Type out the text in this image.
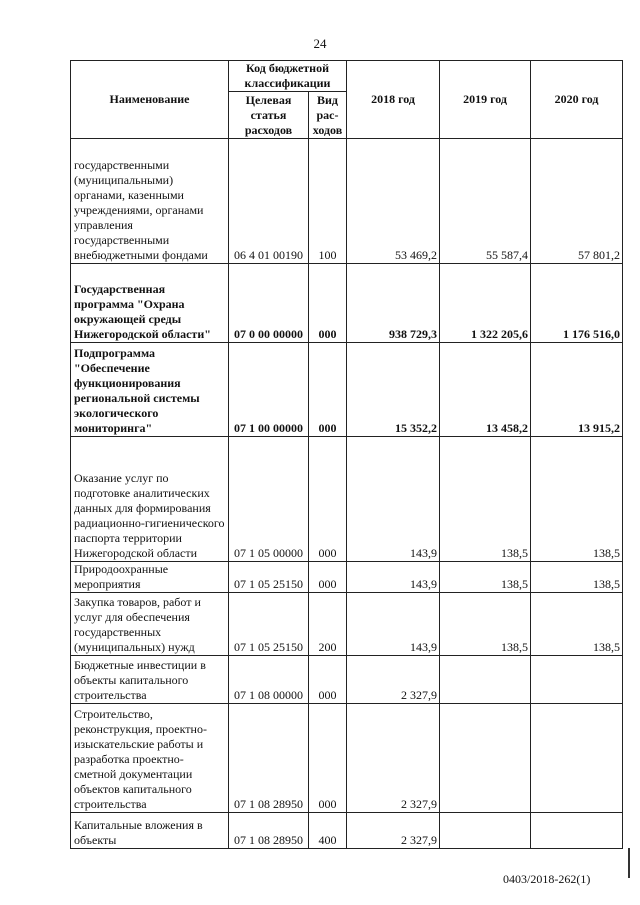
24
Наименование	Код бюджетной классификации		2018 год	2019 год	2020 год
	Целевая статья расходов	Вид рас-ходов			
государственными (муниципальными) органами, казенными учреждениями, органами управления государственными внебюджетными фондами	06 4 01 00190	100	53 469,2	55 587,4	57 801,2
Государственная программа "Охрана окружающей среды Нижегородской области"	07 0 00 00000	000	938 729,3	1 322 205,6	1 176 516,0
Подпрограмма "Обеспечение функционирования региональной системы экологического мониторинга"	07 1 00 00000	000	15 352,2	13 458,2	13 915,2
Оказание услуг по подготовке аналитических данных для формирования радиационно-гигиенического паспорта территории Нижегородской области	07 1 05 00000	000	143,9	138,5	138,5
Природоохранные мероприятия	07 1 05 25150	000	143,9	138,5	138,5
Закупка товаров, работ и услуг для обеспечения государственных (муниципальных) нужд	07 1 05 25150	200	143,9	138,5	138,5
Бюджетные инвестиции в объекты капитального строительства	07 1 08 00000	000	2 327,9		
Строительство, реконструкция, проектно-изыскательские работы и разработка проектно-сметной документации объектов капитального строительства	07 1 08 28950	000	2 327,9		
Капитальные вложения в объекты	07 1 08 28950	400	2 327,9		
0403/2018-262(1)
